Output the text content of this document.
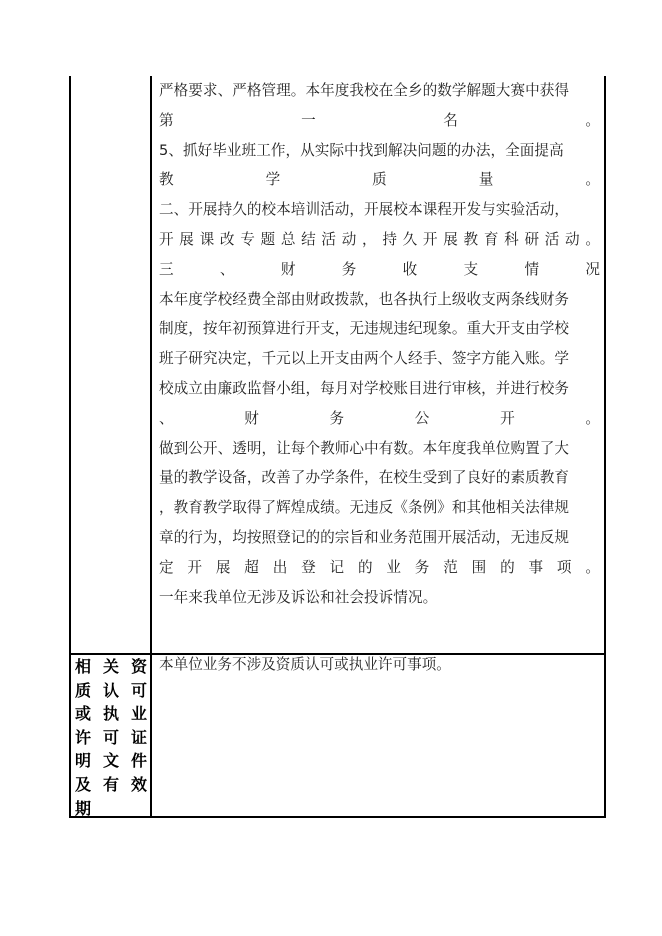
严格要求、严格管理。本年度我校在全乡的数学解题大赛中获得
第 一 名 。
5、抓好毕业班工作，从实际中找到解决问题的办法，全面提高
教 学 质 量 。
二、开展持久的校本培训活动，开展校本课程开发与实验活动，
开 展 课 改 专 题 总 结 活 动 ， 持 久 开 展 教 育 科 研 活 动 。
三 、 财 务 收 支 情 况
本年度学校经费全部由财政拨款，也各执行上级收支两条线财务
制度，按年初预算进行开支，无违规违纪现象。重大开支由学校
班子研究决定，千元以上开支由两个人经手、签字方能入账。学
校成立由廉政监督小组，每月对学校账目进行审核，并进行校务
、 财 务 公 开 。
做到公开、透明，让每个教师心中有数。本年度我单位购置了大
量的教学设备，改善了办学条件，在校生受到了良好的素质教育
，教育教学取得了辉煌成绩。无违反《条例》和其他相关法律规
章的行为，均按照登记的的宗旨和业务范围开展活动，无违反规
定 开 展 超 出 登 记 的 业 务 范 围 的 事 项 。
一年来我单位无涉及诉讼和社会投诉情况。
相 关 资
质 认 可
或 执 业
许 可 证
明 文 件
及 有 效
期
本单位业务不涉及资质认可或执业许可事项。
